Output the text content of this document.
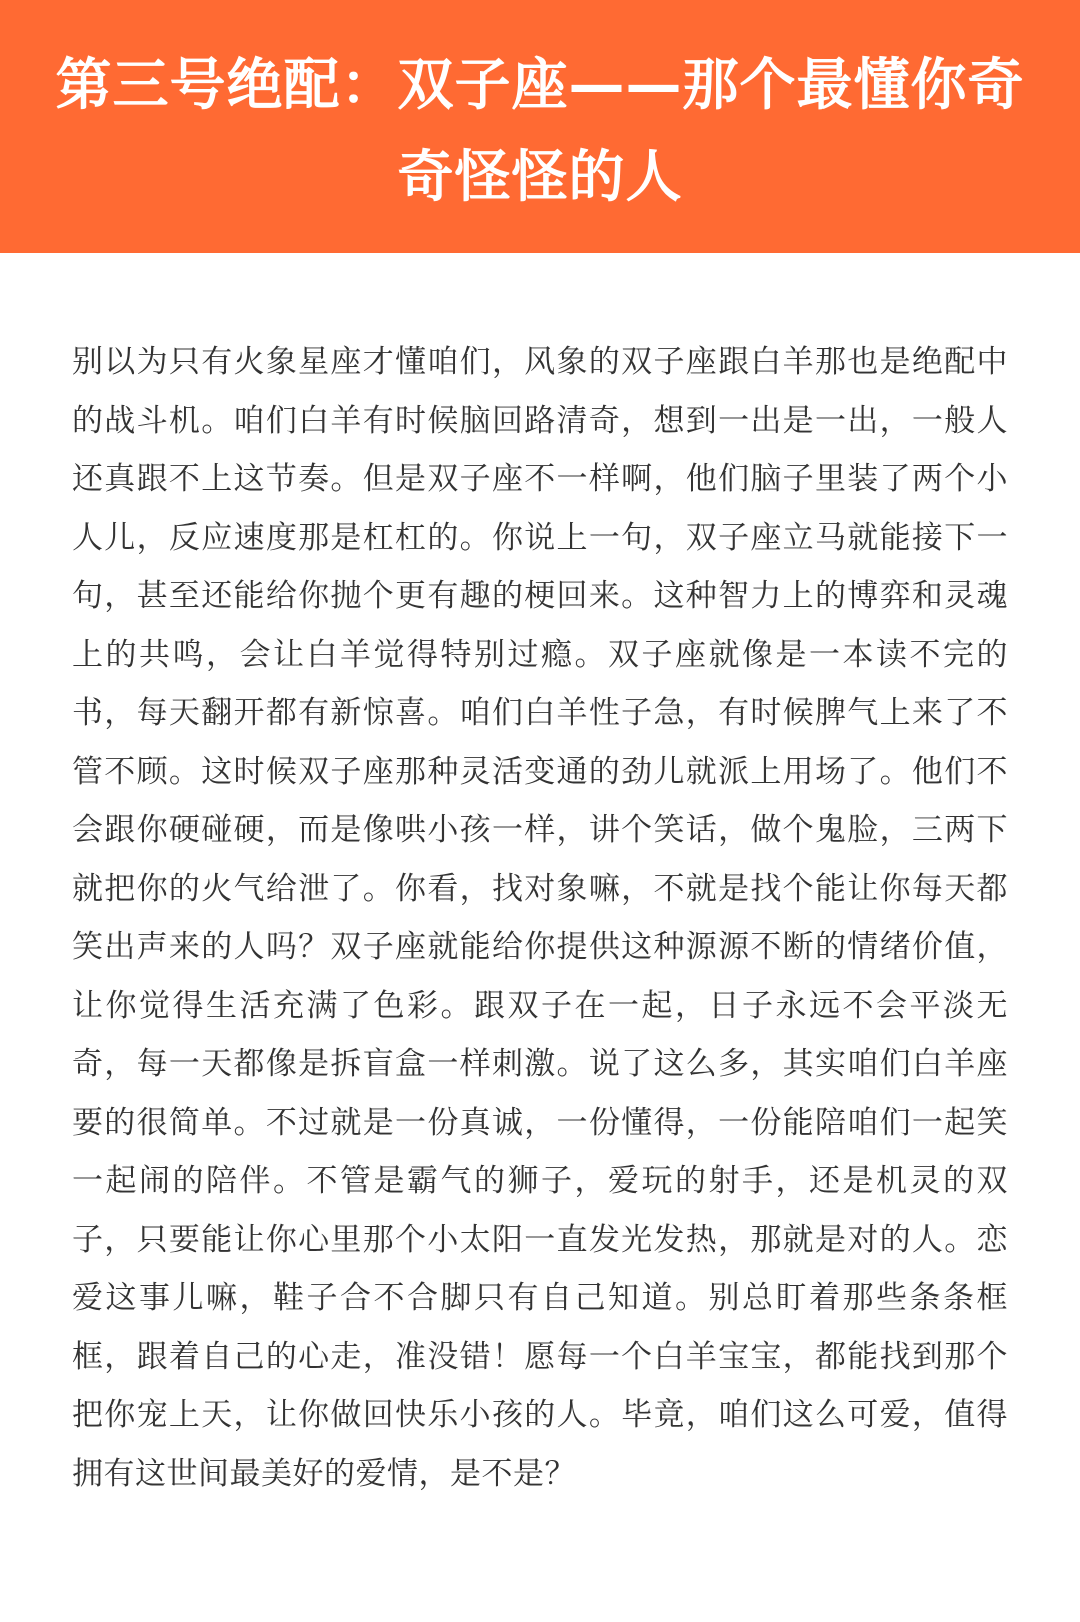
第三号绝配：双子座——那个最懂你奇奇怪怪的人

别以为只有火象星座才懂咱们，风象的双子座跟白羊那也是绝配中的战斗机。咱们白羊有时候脑回路清奇，想到一出是一出，一般人还真跟不上这节奏。但是双子座不一样啊，他们脑子里装了两个小人儿，反应速度那是杠杠的。你说上一句，双子座立马就能接下一句，甚至还能给你抛个更有趣的梗回来。这种智力上的博弈和灵魂上的共鸣，会让白羊觉得特别过瘾。双子座就像是一本读不完的书，每天翻开都有新惊喜。咱们白羊性子急，有时候脾气上来了不管不顾。这时候双子座那种灵活变通的劲儿就派上用场了。他们不会跟你硬碰硬，而是像哄小孩一样，讲个笑话，做个鬼脸，三两下就把你的火气给泄了。你看，找对象嘛，不就是找个能让你每天都笑出声来的人吗？双子座就能给你提供这种源源不断的情绪价值，让你觉得生活充满了色彩。跟双子在一起，日子永远不会平淡无奇，每一天都像是拆盲盒一样刺激。说了这么多，其实咱们白羊座要的很简单。不过就是一份真诚，一份懂得，一份能陪咱们一起笑一起闹的陪伴。不管是霸气的狮子，爱玩的射手，还是机灵的双子，只要能让你心里那个小太阳一直发光发热，那就是对的人。恋爱这事儿嘛，鞋子合不合脚只有自己知道。别总盯着那些条条框框，跟着自己的心走，准没错！愿每一个白羊宝宝，都能找到那个把你宠上天，让你做回快乐小孩的人。毕竟，咱们这么可爱，值得拥有这世间最美好的爱情，是不是？
